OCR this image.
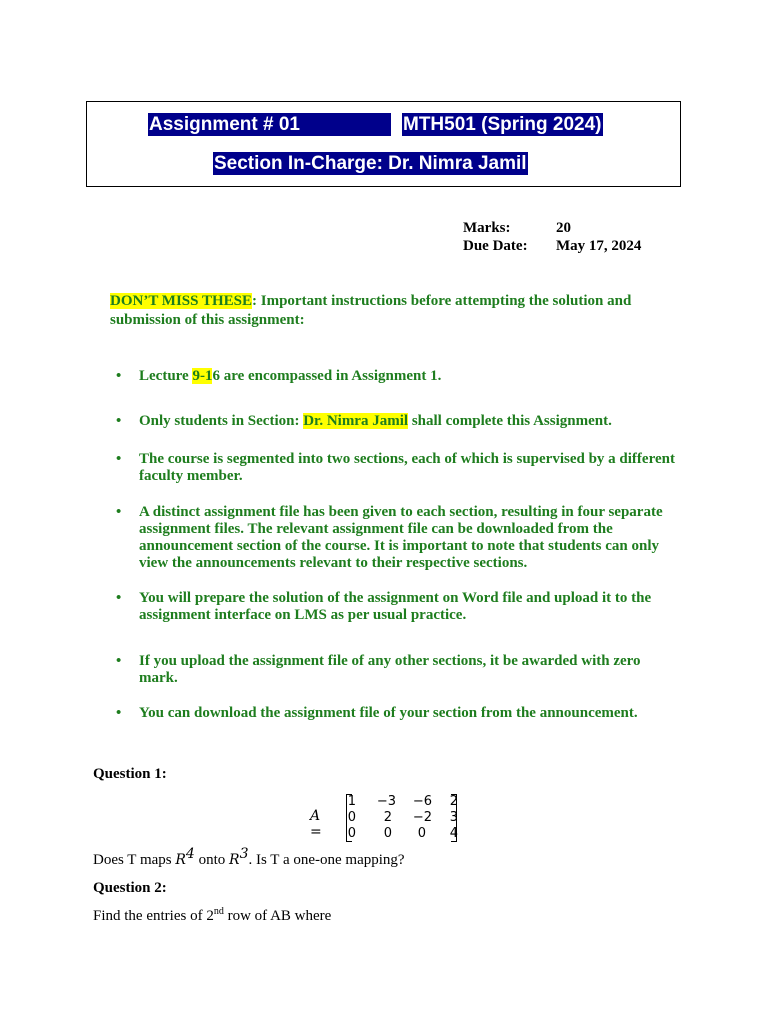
Assignment # 01	MTH501 (Spring 2024)
Section In-Charge: Dr. Nimra Jamil
Marks:	20
Due Date: May 17, 2024
DON’T MISS THESE: Important instructions before attempting the solution and submission of this assignment:
• Lecture 9-16 are encompassed in Assignment 1.
• Only students in Section: Dr. Nimra Jamil shall complete this Assignment.
• The course is segmented into two sections, each of which is supervised by a different faculty member.
• A distinct assignment file has been given to each section, resulting in four separate assignment files. The relevant assignment file can be downloaded from the announcement section of the course. It is important to note that students can only view the announcements relevant to their respective sections.
• You will prepare the solution of the assignment on Word file and upload it to the assignment interface on LMS as per usual practice.
• If you upload the assignment file of any other sections, it be awarded with zero mark.
• You can download the assignment file of your section from the announcement.
Question 1:
A =
1	−3	−6	2
0	2	−2	3
0	0	0	4
Does T maps $R^4$ onto $R^3$. Is T a one-one mapping?
Question 2:
Find the entries of 2nd row of AB where
